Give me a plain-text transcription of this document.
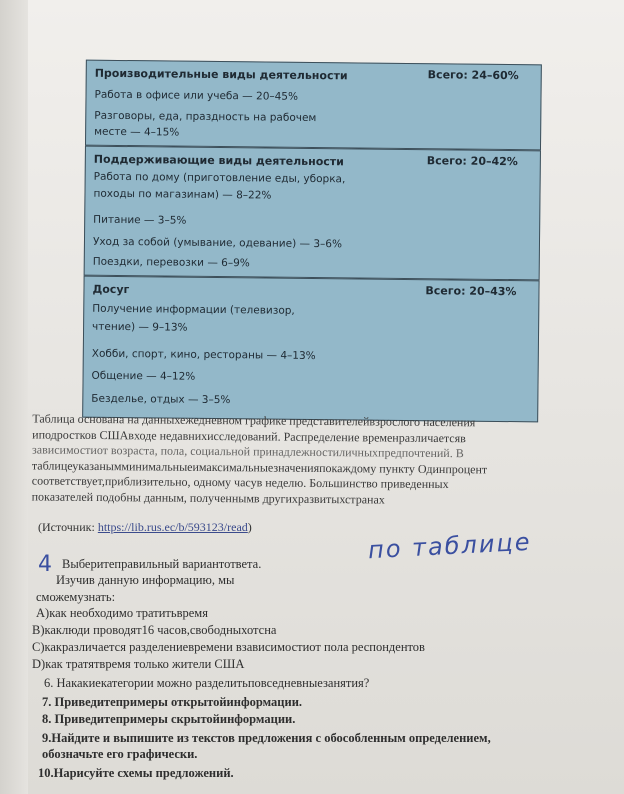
Производительные виды деятельности	Всего: 24–60%
Работа в офисе или учеба — 20–45%
Разговоры, еда, праздность на рабочем
месте — 4–15%
Поддерживающие виды деятельности	Всего: 20–42%
Работа по дому (приготовление еды, уборка,
походы по магазинам) — 8–22%
Питание — 3–5%
Уход за собой (умывание, одевание) — 3–6%
Поездки, перевозки — 6–9%
Досуг	Всего: 20–43%
Получение информации (телевизор,
чтение) — 9–13%
Хобби, спорт, кино, рестораны — 4–13%
Общение — 4–12%
Безделье, отдых — 3–5%

Таблица основана на данныхежедневном графике представителейвзрослого населения

иподростков СШАвходе недавнихисследований. Распределение временразличаетсяв

зависимостиот возраста, пола, социальной принадлежностиличныхпредпочтений. В

таблицеуказанымминимальныеимаксимальныезначенияпокаждому пункту Одинпроцент

соответствует,приблизительно, одному часув неделю. Большинство приведенных

показателей подобны данным, полученнымв другихразвитыхстранах

(Источник: https://lib.rus.ec/b/593123/read)
4
по таблице
Выберитеправильный вариантответа.
Изучив данную информацию, мы
сможемузнать:
А)как необходимо тратитьвремя
В)каклюди проводят16 часов,свободныхотсна
С)какразличается разделениевремени взависимостиот пола респондентов
D)как тратятвремя только жители США
6. Накакиекатегории можно разделитьповседневныезанятия?
7. Приведитепримеры открытойинформации.
8. Приведитепримеры скрытойинформации.
9.Найдите и выпишите из текстов предложения с обособленным определением,
обозначьте его графически.
10.Нарисуйте схемы предложений.
